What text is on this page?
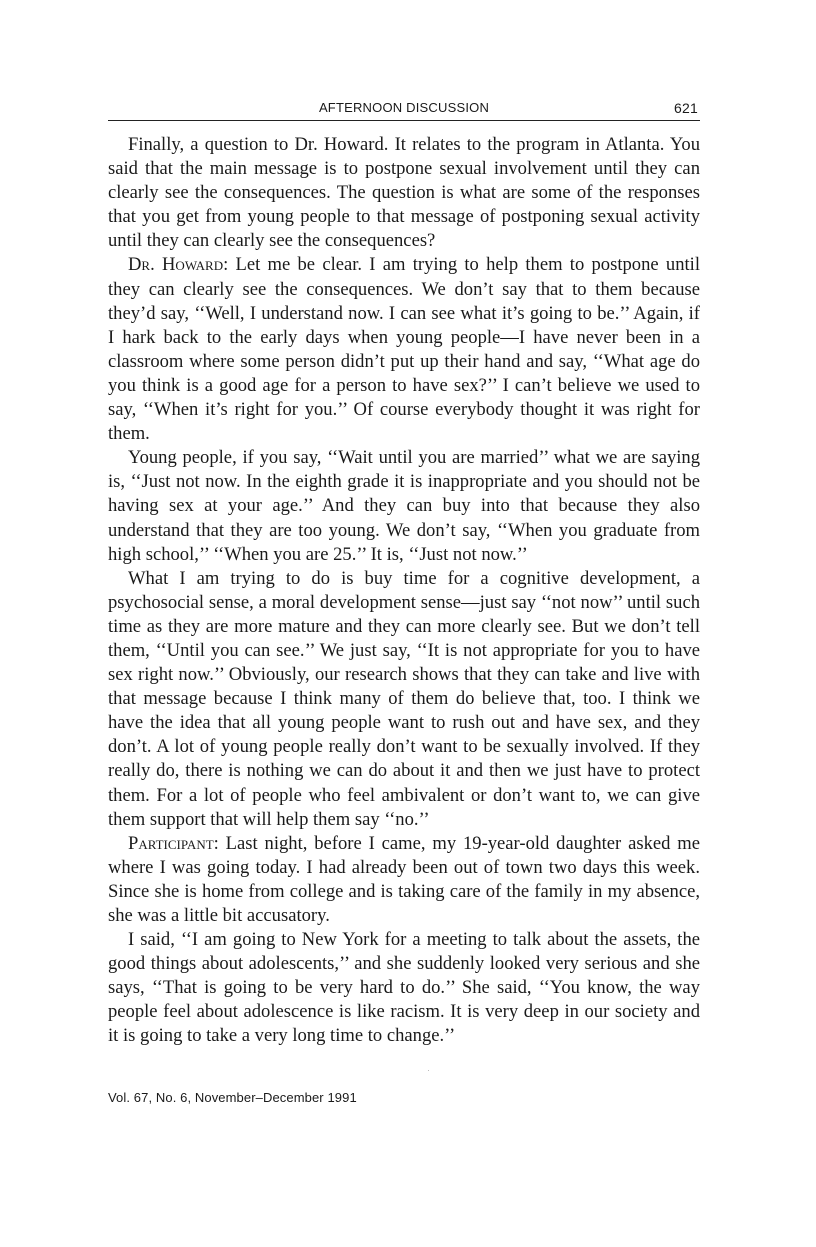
AFTERNOON DISCUSSION	621

Finally, a question to Dr. Howard. It relates to the program in Atlanta. You said that the main message is to postpone sexual involvement until they can clearly see the consequences. The question is what are some of the responses that you get from young people to that message of postponing sexual activity until they can clearly see the consequences?

Dr. Howard: Let me be clear. I am trying to help them to postpone until they can clearly see the consequences. We don’t say that to them because they’d say, ‘‘Well, I understand now. I can see what it’s going to be.’’ Again, if I hark back to the early days when young people—I have never been in a classroom where some person didn’t put up their hand and say, ‘‘What age do you think is a good age for a person to have sex?’’ I can’t believe we used to say, ‘‘When it’s right for you.’’ Of course everybody thought it was right for them.

Young people, if you say, ‘‘Wait until you are married’’ what we are saying is, ‘‘Just not now. In the eighth grade it is inappropriate and you should not be having sex at your age.’’ And they can buy into that because they also understand that they are too young. We don’t say, ‘‘When you graduate from high school,’’ ‘‘When you are 25.’’ It is, ‘‘Just not now.’’

What I am trying to do is buy time for a cognitive development, a psychosocial sense, a moral development sense—just say ‘‘not now’’ until such time as they are more mature and they can more clearly see. But we don’t tell them, ‘‘Until you can see.’’ We just say, ‘‘It is not appropriate for you to have sex right now.’’ Obviously, our research shows that they can take and live with that message because I think many of them do believe that, too. I think we have the idea that all young people want to rush out and have sex, and they don’t. A lot of young people really don’t want to be sexually involved. If they really do, there is nothing we can do about it and then we just have to protect them. For a lot of people who feel ambivalent or don’t want to, we can give them support that will help them say ‘‘no.’’

Participant: Last night, before I came, my 19-year-old daughter asked me where I was going today. I had already been out of town two days this week. Since she is home from college and is taking care of the family in my absence, she was a little bit accusatory.

I said, ‘‘I am going to New York for a meeting to talk about the assets, the good things about adolescents,’’ and she suddenly looked very serious and she says, ‘‘That is going to be very hard to do.’’ She said, ‘‘You know, the way people feel about adolescence is like racism. It is very deep in our society and it is going to take a very long time to change.’’

Vol. 67, No. 6, November–December 1991
